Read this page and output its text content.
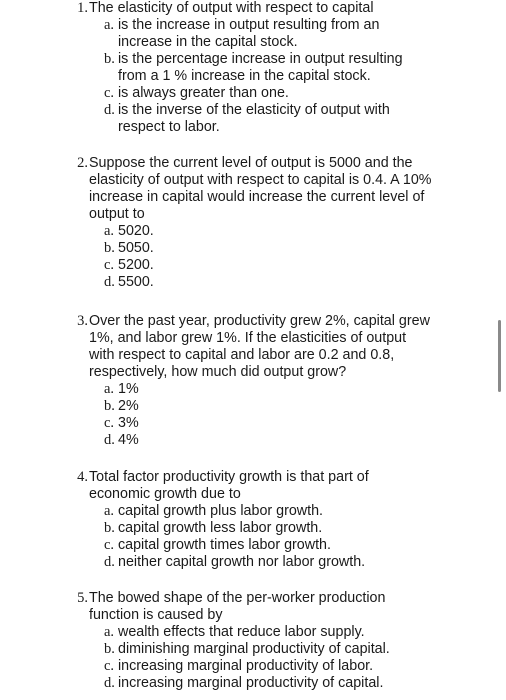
1. The elasticity of output with respect to capital
a. is the increase in output resulting from an
increase in the capital stock.
b. is the percentage increase in output resulting
from a 1 % increase in the capital stock.
c. is always greater than one.
d. is the inverse of the elasticity of output with
respect to labor.
2. Suppose the current level of output is 5000 and the
elasticity of output with respect to capital is 0.4. A 10%
increase in capital would increase the current level of
output to
a. 5020.
b. 5050.
c. 5200.
d. 5500.
3. Over the past year, productivity grew 2%, capital grew
1%, and labor grew 1%. If the elasticities of output
with respect to capital and labor are 0.2 and 0.8,
respectively, how much did output grow?
a. 1%
b. 2%
c. 3%
d. 4%
4. Total factor productivity growth is that part of
economic growth due to
a. capital growth plus labor growth.
b. capital growth less labor growth.
c. capital growth times labor growth.
d. neither capital growth nor labor growth.
5. The bowed shape of the per-worker production
function is caused by
a. wealth effects that reduce labor supply.
b. diminishing marginal productivity of capital.
c. increasing marginal productivity of labor.
d. increasing marginal productivity of capital.
